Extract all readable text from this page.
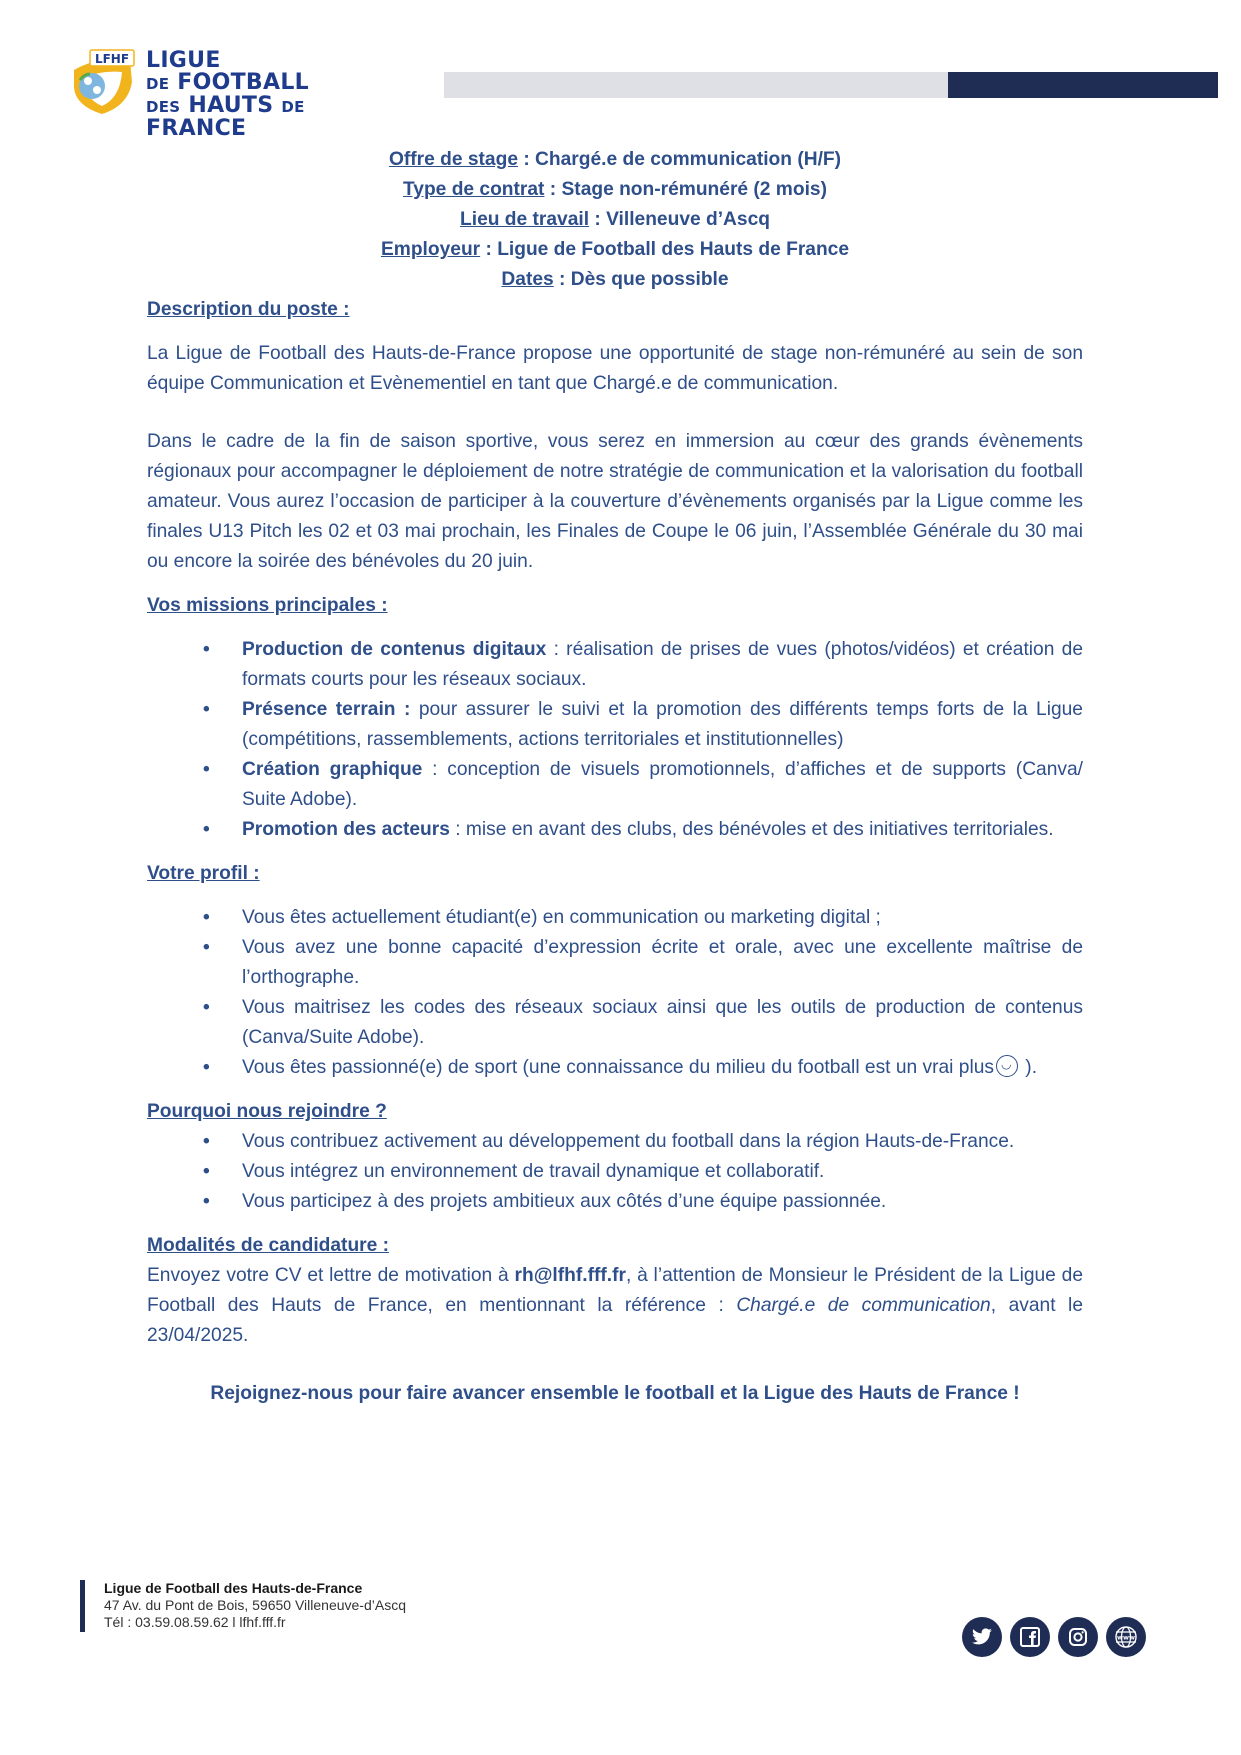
LFHF LIGUE
DE FOOTBALL
DES HAUTS DE FRANCE
Offre de stage : Chargé.e de communication (H/F)
Type de contrat : Stage non-rémunéré (2 mois)
Lieu de travail : Villeneuve d’Ascq
Employeur : Ligue de Football des Hauts de France
Dates : Dès que possible
Description du poste :

La Ligue de Football des Hauts-de-France propose une opportunité de stage non-rémunéré au sein de son équipe Communication et Evènementiel en tant que Chargé.e de communication.

Dans le cadre de la fin de saison sportive, vous serez en immersion au cœur des grands évènements régionaux pour accompagner le déploiement de notre stratégie de communication et la valorisation du football amateur. Vous aurez l’occasion de participer à la couverture d’évènements organisés par la Ligue comme les finales U13 Pitch les 02 et 03 mai prochain, les Finales de Coupe le 06 juin, l’Assemblée Générale du 30 mai ou encore la soirée des bénévoles du 20 juin.

Vos missions principales :
• Production de contenus digitaux : réalisation de prises de vues (photos/vidéos) et création de formats courts pour les réseaux sociaux.
• Présence terrain : pour assurer le suivi et la promotion des différents temps forts de la Ligue (compétitions, rassemblements, actions territoriales et institutionnelles)
• Création graphique : conception de visuels promotionnels, d’affiches et de supports (Canva/ Suite Adobe).
• Promotion des acteurs : mise en avant des clubs, des bénévoles et des initiatives territoriales.
Votre profil :
• Vous êtes actuellement étudiant(e) en communication ou marketing digital ;
• Vous avez une bonne capacité d’expression écrite et orale, avec une excellente maîtrise de l’orthographe.
• Vous maitrisez les codes des réseaux sociaux ainsi que les outils de production de contenus (Canva/Suite Adobe).
• Vous êtes passionné(e) de sport (une connaissance du milieu du football est un vrai plus◡ ).
Pourquoi nous rejoindre ?
• Vous contribuez activement au développement du football dans la région Hauts-de-France.
• Vous intégrez un environnement de travail dynamique et collaboratif.
• Vous participez à des projets ambitieux aux côtés d’une équipe passionnée.
Modalités de candidature :

Envoyez votre CV et lettre de motivation à rh@lfhf.fff.fr, à l’attention de Monsieur le Président de la Ligue de Football des Hauts de France, en mentionnant la référence : Chargé.e de communication, avant le 23/04/2025.

Rejoignez-nous pour faire avancer ensemble le football et la Ligue des Hauts de France !
Ligue de Football des Hauts-de-France
47 Av. du Pont de Bois, 59650 Villeneuve-d’Ascq
Tél : 03.59.08.59.62 l lfhf.fff.fr
www
